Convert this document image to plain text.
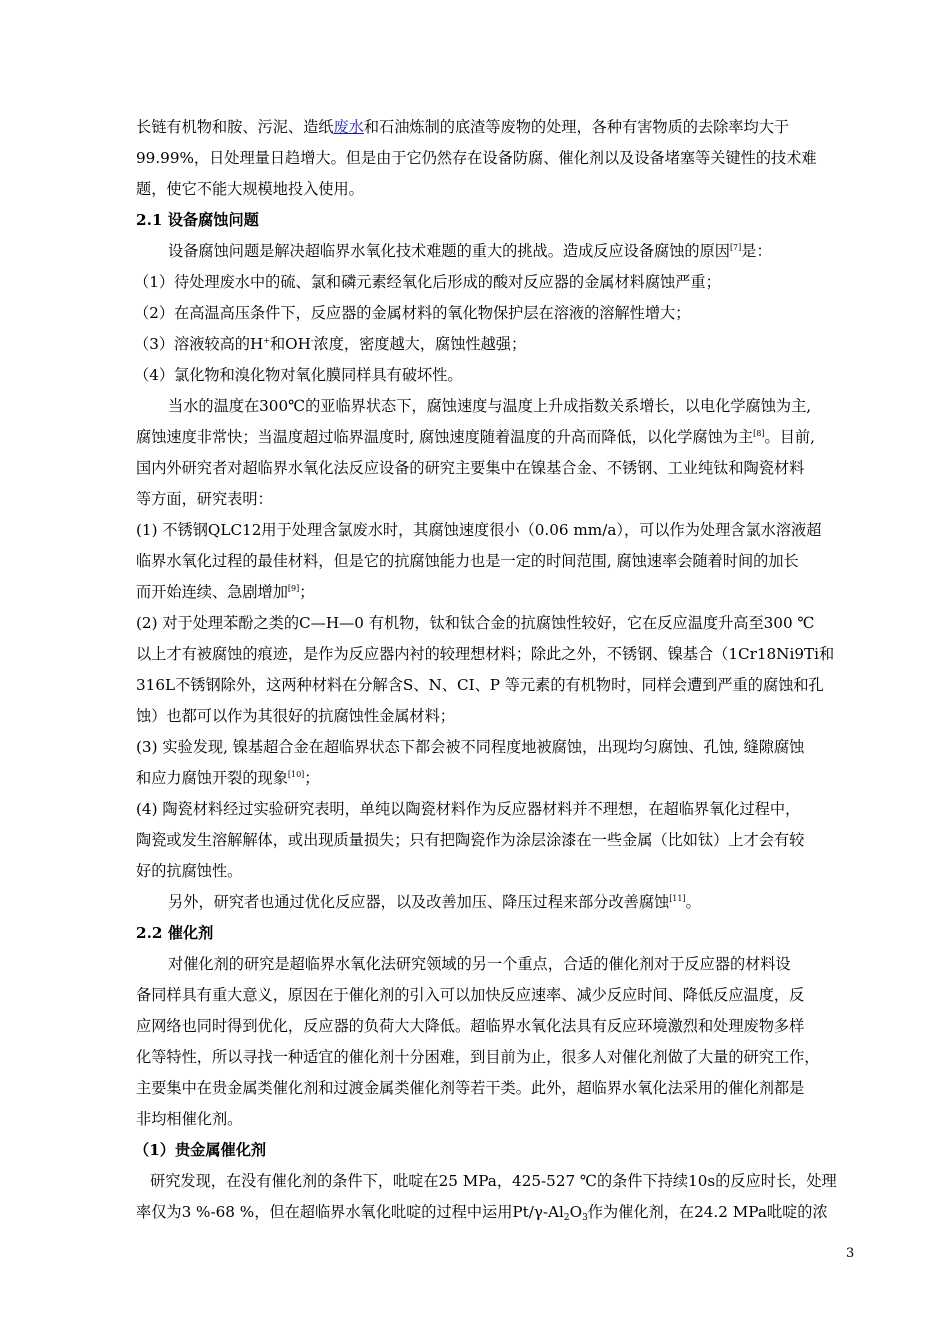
长链有机物和胺、污泥、造纸废水和石油炼制的底渣等废物的处理，各种有害物质的去除率均大于
99.99%，日处理量日趋增大。但是由于它仍然存在设备防腐、催化剂以及设备堵塞等关键性的技术难
题，使它不能大规模地投入使用。
2.1 设备腐蚀问题
设备腐蚀问题是解决超临界水氧化技术难题的重大的挑战。造成反应设备腐蚀的原因[7]是：
（1）待处理废水中的硫、氯和磷元素经氧化后形成的酸对反应器的金属材料腐蚀严重；
（2）在高温高压条件下，反应器的金属材料的氧化物保护层在溶液的溶解性增大；
（3）溶液较高的H+和OH-浓度，密度越大，腐蚀性越强；
（4）氯化物和溴化物对氧化膜同样具有破坏性。
当水的温度在300℃的亚临界状态下，腐蚀速度与温度上升成指数关系增长，以电化学腐蚀为主,
腐蚀速度非常快；当温度超过临界温度时, 腐蚀速度随着温度的升高而降低，以化学腐蚀为主[8]。目前,
国内外研究者对超临界水氧化法反应设备的研究主要集中在镍基合金、不锈钢、工业纯钛和陶瓷材料
等方面，研究表明：
(1) 不锈钢QLC12用于处理含氯废水时，其腐蚀速度很小（0.06 mm/a），可以作为处理含氯水溶液超
临界水氧化过程的最佳材料，但是它的抗腐蚀能力也是一定的时间范围, 腐蚀速率会随着时间的加长
而开始连续、急剧增加[9]；
(2) 对于处理苯酚之类的C—H—0 有机物，钛和钛合金的抗腐蚀性较好，它在反应温度升高至300 ℃
以上才有被腐蚀的痕迹，是作为反应器内衬的较理想材料；除此之外，不锈钢、镍基合（1Cr18Ni9Ti和
316L不锈钢除外，这两种材料在分解含S、N、CI、P 等元素的有机物时，同样会遭到严重的腐蚀和孔
蚀）也都可以作为其很好的抗腐蚀性金属材料；
(3) 实验发现, 镍基超合金在超临界状态下都会被不同程度地被腐蚀，出现均匀腐蚀、孔蚀, 缝隙腐蚀
和应力腐蚀开裂的现象[10]；
(4) 陶瓷材料经过实验研究表明，单纯以陶瓷材料作为反应器材料并不理想，在超临界氧化过程中，
陶瓷或发生溶解解体，或出现质量损失；只有把陶瓷作为涂层涂漆在一些金属（比如钛）上才会有较
好的抗腐蚀性。
另外，研究者也通过优化反应器，以及改善加压、降压过程来部分改善腐蚀[11]。
2.2 催化剂
对催化剂的研究是超临界水氧化法研究领域的另一个重点，合适的催化剂对于反应器的材料设
备同样具有重大意义，原因在于催化剂的引入可以加快反应速率、减少反应时间、降低反应温度，反
应网络也同时得到优化，反应器的负荷大大降低。超临界水氧化法具有反应环境激烈和处理废物多样
化等特性，所以寻找一种适宜的催化剂十分困难，到目前为止，很多人对催化剂做了大量的研究工作，
主要集中在贵金属类催化剂和过渡金属类催化剂等若干类。此外，超临界水氧化法采用的催化剂都是
非均相催化剂。
（1）贵金属催化剂
研究发现，在没有催化剂的条件下，吡啶在25 MPa，425-527 ℃的条件下持续10s的反应时长，处理
率仅为3 %-68 %，但在超临界水氧化吡啶的过程中运用$Pt/\gamma-Al_2O_3$作为催化剂，在24.2 MPa吡啶的浓
3
